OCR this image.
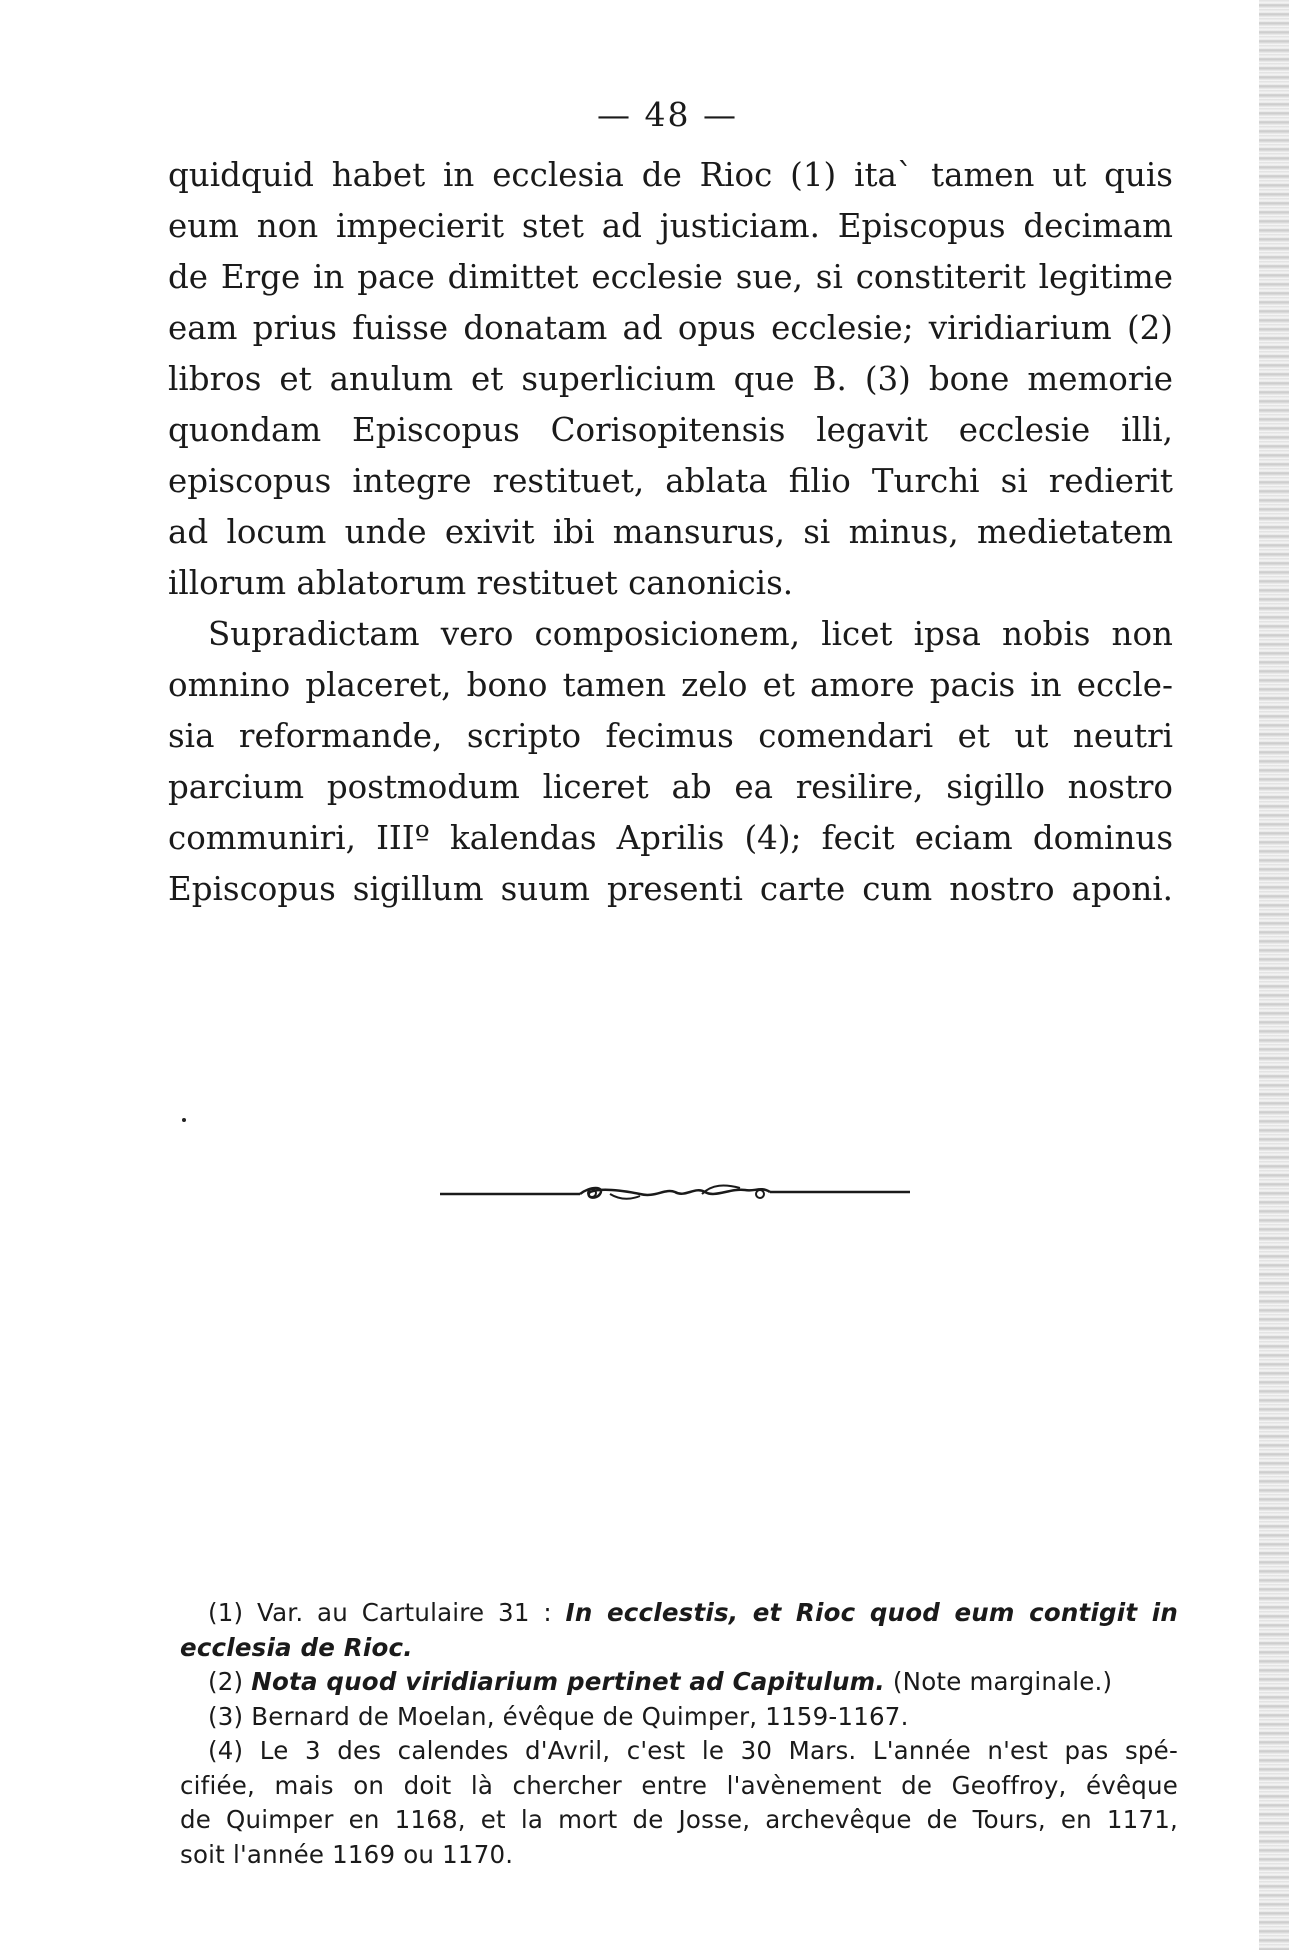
— 48 —
quidquid habet in ecclesia de Rioc (1) ita` tamen ut quis
eum non impecierit stet ad justiciam. Episcopus decimam
de Erge in pace dimittet ecclesie sue, si constiterit legitime
eam prius fuisse donatam ad opus ecclesie; viridiarium (2)
libros et anulum et superlicium que B. (3) bone memorie
quondam Episcopus Corisopitensis legavit ecclesie illi,
episcopus integre restituet, ablata filio Turchi si redierit
ad locum unde exivit ibi mansurus, si minus, medietatem
illorum ablatorum restituet canonicis.
Supradictam vero composicionem, licet ipsa nobis non
omnino placeret, bono tamen zelo et amore pacis in eccle-
sia reformande, scripto fecimus comendari et ut neutri
parcium postmodum liceret ab ea resilire, sigillo nostro
communiri, IIIº kalendas Aprilis (4); fecit eciam dominus
Episcopus sigillum suum presenti carte cum nostro aponi.
(1) Var. au Cartulaire 31 : In ecclestis, et Rioc quod eum contigit in
ecclesia de Rioc.
(2) Nota quod viridiarium pertinet ad Capitulum. (Note marginale.)
(3) Bernard de Moelan, évêque de Quimper, 1159-1167.
(4) Le 3 des calendes d'Avril, c'est le 30 Mars. L'année n'est pas spé-
cifiée, mais on doit là chercher entre l'avènement de Geoffroy, évêque
de Quimper en 1168, et la mort de Josse, archevêque de Tours, en 1171,
soit l'année 1169 ou 1170.
